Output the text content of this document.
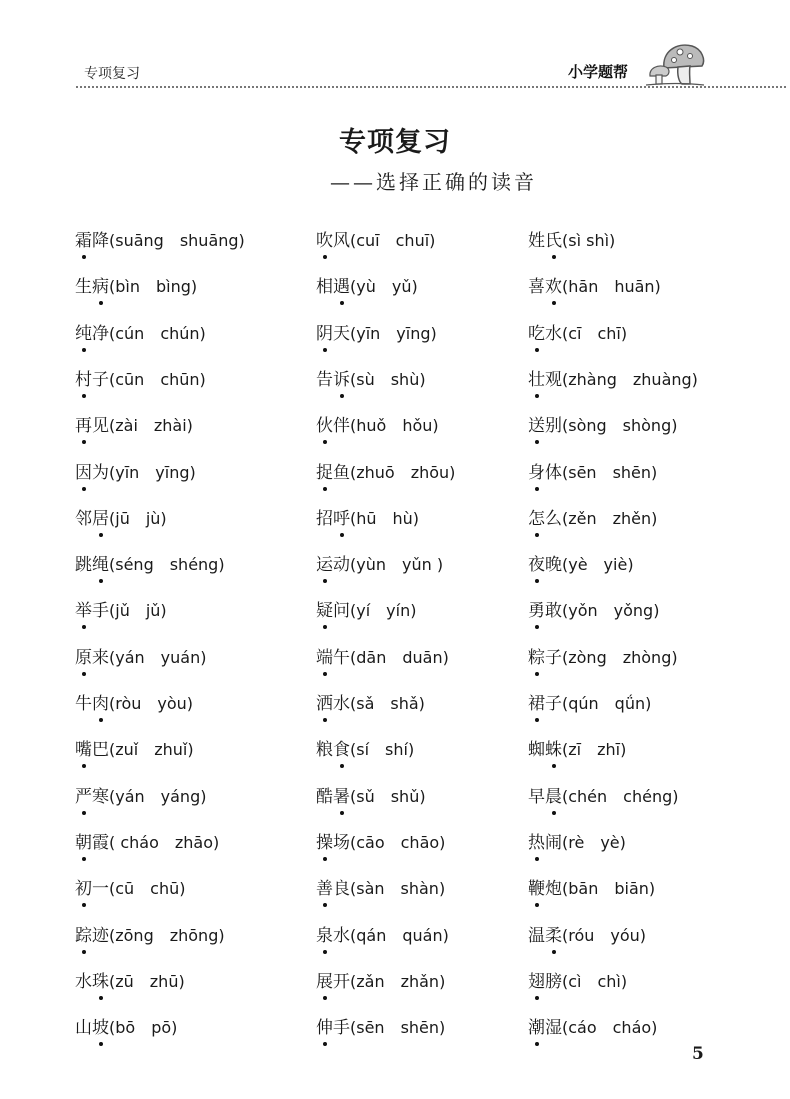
专项复习	小学题帮
专项复习
——选择正确的读音
霜降(suāng　shuāng)
生病(bìn　bìng)
纯净(cún　chún)
村子(cūn　chūn)
再见(zài　zhài)
因为(yīn　yīng)
邻居(jū　jù)
跳绳(séng　shéng)
举手(jǔ　jǔ)
原来(yán　yuán)
牛肉(ròu　yòu)
嘴巴(zuǐ　zhuǐ)
严寒(yán　yáng)
朝霞( cháo　zhāo)
初一(cū　chū)
踪迹(zōng　zhōng)
水珠(zū　zhū)
山坡(bō　pō)
吹风(cuī　chuī)
相遇(yù　yǔ)
阴天(yīn　yīng)
告诉(sù　shù)
伙伴(huǒ　hǒu)
捉鱼(zhuō　zhōu)
招呼(hū　hù)
运动(yùn　yǔn )
疑问(yí　yín)
端午(dān　duān)
洒水(sǎ　shǎ)
粮食(sí　shí)
酷暑(sǔ　shǔ)
操场(cāo　chāo)
善良(sàn　shàn)
泉水(qán　quán)
展开(zǎn　zhǎn)
伸手(sēn　shēn)
姓氏(sì shì)
喜欢(hān　huān)
吃水(cī　chī)
壮观(zhàng　zhuàng)
送别(sòng　shòng)
身体(sēn　shēn)
怎么(zěn　zhěn)
夜晚(yè　yiè)
勇敢(yǒn　yǒng)
粽子(zòng　zhòng)
裙子(qún　qǘn)
蜘蛛(zī　zhī)
早晨(chén　chéng)
热闹(rè　yè)
鞭炮(bān　biān)
温柔(róu　yóu)
翅膀(cì　chì)
潮湿(cáo　cháo)
5
